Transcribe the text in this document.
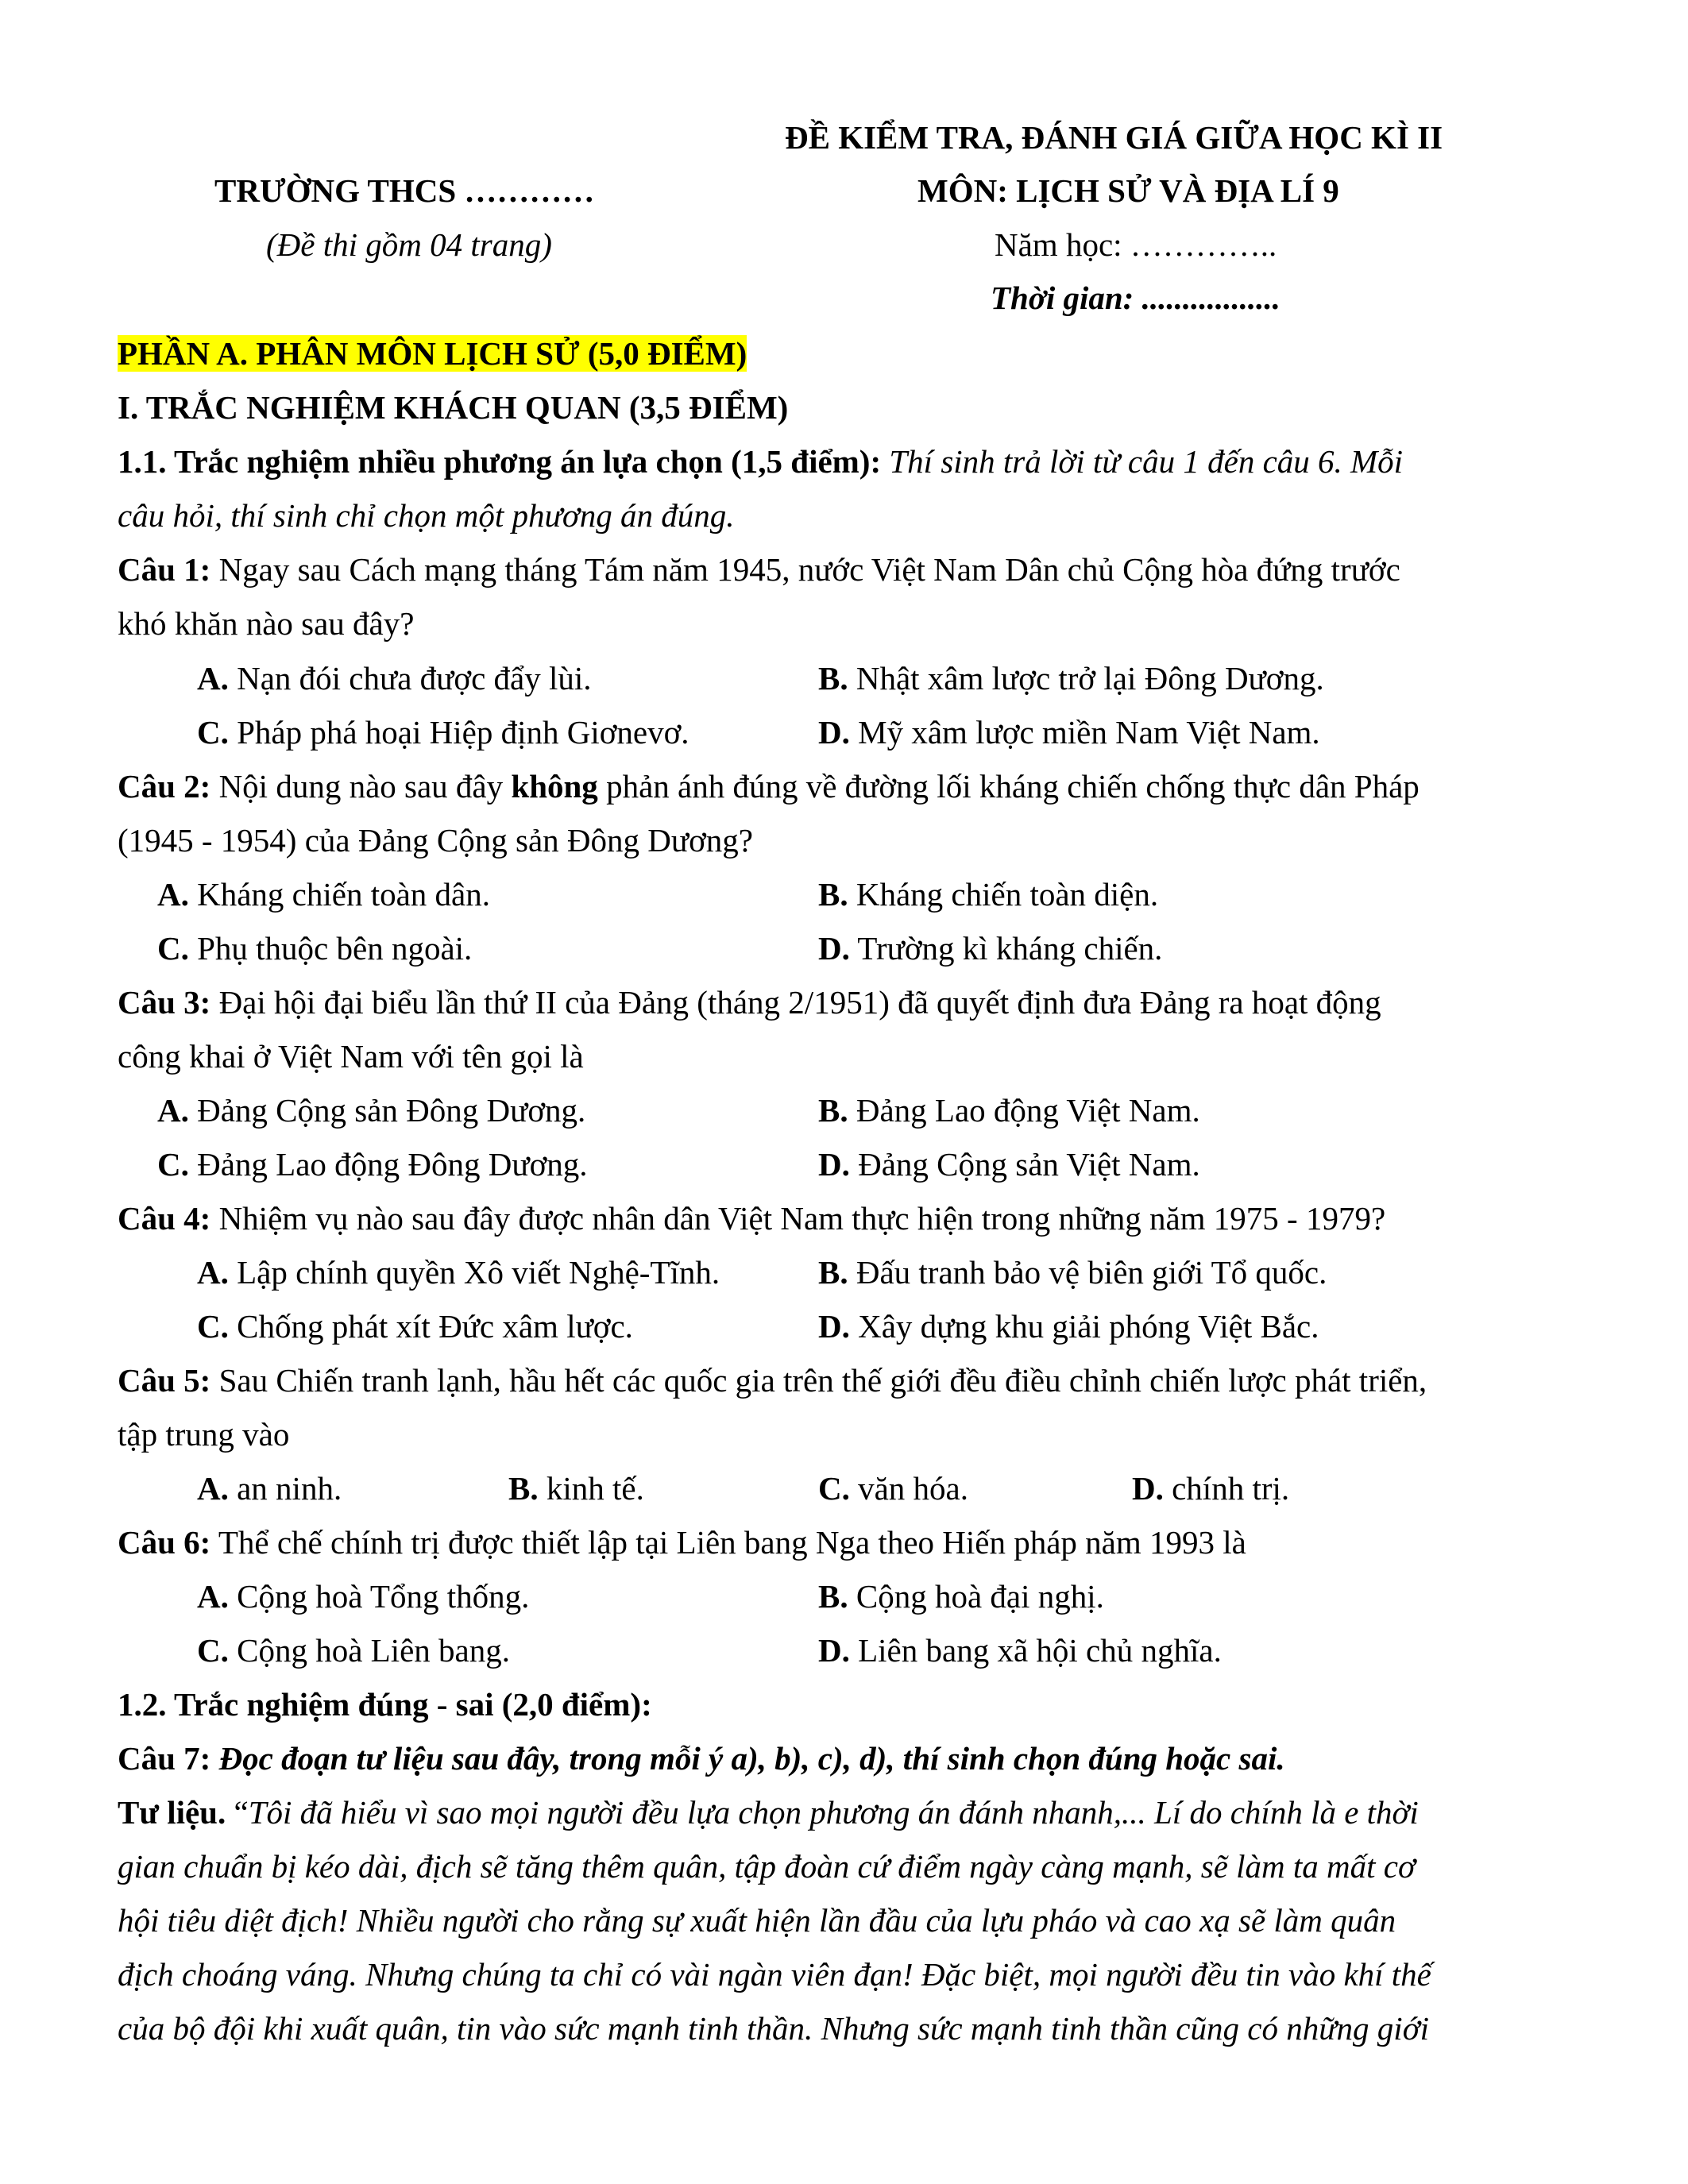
ĐỀ KIỂM TRA, ĐÁNH GIÁ GIỮA HỌC KÌ II
TRƯỜNG THCS …………	MÔN: LỊCH SỬ VÀ ĐỊA LÍ 9
(Đề thi gồm 04 trang)	Năm học: …………..
Thời gian: .................
PHẦN A. PHÂN MÔN LỊCH SỬ (5,0 ĐIỂM)
I. TRẮC NGHIỆM KHÁCH QUAN (3,5 ĐIỂM)
1.1. Trắc nghiệm nhiều phương án lựa chọn (1,5 điểm): Thí sinh trả lời từ câu 1 đến câu 6. Mỗi
câu hỏi, thí sinh chỉ chọn một phương án đúng.
Câu 1: Ngay sau Cách mạng tháng Tám năm 1945, nước Việt Nam Dân chủ Cộng hòa đứng trước
khó khăn nào sau đây?
A. Nạn đói chưa được đẩy lùi.	B. Nhật xâm lược trở lại Đông Dương.
C. Pháp phá hoại Hiệp định Giơnevơ.	D. Mỹ xâm lược miền Nam Việt Nam.
Câu 2: Nội dung nào sau đây không phản ánh đúng về đường lối kháng chiến chống thực dân Pháp
(1945 - 1954) của Đảng Cộng sản Đông Dương?
A. Kháng chiến toàn dân.	B. Kháng chiến toàn diện.
C. Phụ thuộc bên ngoài.	D. Trường kì kháng chiến.
Câu 3: Đại hội đại biểu lần thứ II của Đảng (tháng 2/1951) đã quyết định đưa Đảng ra hoạt động
công khai ở Việt Nam với tên gọi là
A. Đảng Cộng sản Đông Dương.	B. Đảng Lao động Việt Nam.
C. Đảng Lao động Đông Dương.	D. Đảng Cộng sản Việt Nam.
Câu 4: Nhiệm vụ nào sau đây được nhân dân Việt Nam thực hiện trong những năm 1975 - 1979?
A. Lập chính quyền Xô viết Nghệ-Tĩnh.	B. Đấu tranh bảo vệ biên giới Tổ quốc.
C. Chống phát xít Đức xâm lược.	D. Xây dựng khu giải phóng Việt Bắc.
Câu 5: Sau Chiến tranh lạnh, hầu hết các quốc gia trên thế giới đều điều chỉnh chiến lược phát triển,
tập trung vào
A. an ninh.	B. kinh tế.	C. văn hóa.	D. chính trị.
Câu 6: Thể chế chính trị được thiết lập tại Liên bang Nga theo Hiến pháp năm 1993 là
A. Cộng hoà Tổng thống.	B. Cộng hoà đại nghị.
C. Cộng hoà Liên bang.	D. Liên bang xã hội chủ nghĩa.
1.2. Trắc nghiệm đúng - sai (2,0 điểm):
Câu 7: Đọc đoạn tư liệu sau đây, trong mỗi ý a), b), c), d), thí sinh chọn đúng hoặc sai.
Tư liệu. “Tôi đã hiểu vì sao mọi người đều lựa chọn phương án đánh nhanh,... Lí do chính là e thời
gian chuẩn bị kéo dài, địch sẽ tăng thêm quân, tập đoàn cứ điểm ngày càng mạnh, sẽ làm ta mất cơ
hội tiêu diệt địch! Nhiều người cho rằng sự xuất hiện lần đầu của lựu pháo và cao xạ sẽ làm quân
địch choáng váng. Nhưng chúng ta chỉ có vài ngàn viên đạn! Đặc biệt, mọi người đều tin vào khí thế
của bộ đội khi xuất quân, tin vào sức mạnh tinh thần. Nhưng sức mạnh tinh thần cũng có những giới
